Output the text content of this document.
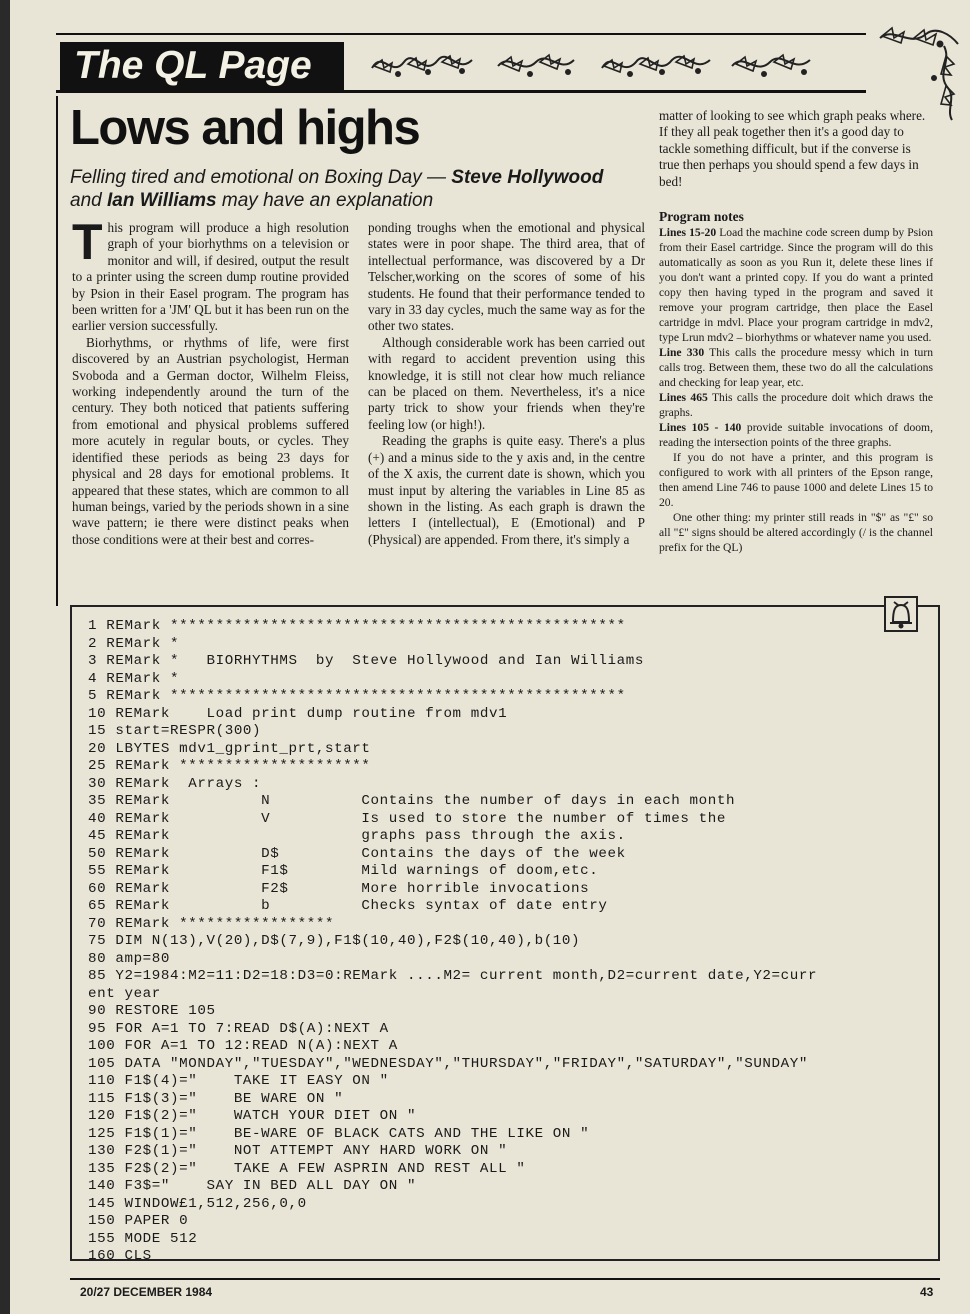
The QL Page
Lows and highs
Felling tired and emotional on Boxing Day — Steve Hollywood and Ian Williams may have an explanation

This program will produce a high resolution graph of your biorhythms on a television or monitor and will, if desired, output the result to a printer using the screen dump routine provided by Psion in their Easel program. The program has been written for a 'JM' QL but it has been run on the earlier version successfully.

Biorhythms, or rhythms of life, were first discovered by an Austrian psychologist, Herman Svoboda and a German doctor, Wilhelm Fleiss, working independently around the turn of the century. They both noticed that patients suffering from emotional and physical problems suffered more acutely in regular bouts, or cycles. They identified these periods as being 23 days for physical and 28 days for emotional problems. It appeared that these states, which are common to all human beings, varied by the periods shown in a sine wave pattern; ie there were distinct peaks when those conditions were at their best and corres-

ponding troughs when the emotional and physical states were in poor shape. The third area, that of intellectual performance, was discovered by a Dr Telscher,working on the scores of some of his students. He found that their performance tended to vary in 33 day cycles, much the same way as for the other two states.

Although considerable work has been carried out with regard to accident prevention using this knowledge, it is still not clear how much reliance can be placed on them. Nevertheless, it's a nice party trick to show your friends when they're feeling low (or high!).

Reading the graphs is quite easy. There's a plus (+) and a minus side to the y axis and, in the centre of the X axis, the current date is shown, which you must input by altering the variables in Line 85 as shown in the listing. As each graph is drawn the letters I (intellectual), E (Emotional) and P (Physical) are appended. From there, it's simply a

matter of looking to see which graph peaks where. If they all peak together then it's a good day to tackle something difficult, but if the converse is true then perhaps you should spend a few days in bed!

Program notes

Lines 15-20 Load the machine code screen dump by Psion from their Easel cartridge. Since the program will do this automatically as soon as you Run it, delete these lines if you don't want a printed copy. If you do want a printed copy then having typed in the program and saved it remove your program cartridge, then place the Easel cartridge in mdvl. Place your program cartridge in mdv2, type Lrun mdv2 – biorhythms or whatever name you used.

Line 330 This calls the procedure messy which in turn calls trog. Between them, these two do all the calculations and checking for leap year, etc.

Lines 465 This calls the procedure doit which draws the graphs.

Lines 105 - 140 provide suitable invocations of doom, reading the intersection points of the three graphs.

If you do not have a printer, and this program is configured to work with all printers of the Epson range, then amend Line 746 to pause 1000 and delete Lines 15 to 20.

One other thing: my printer still reads in "$" as "£" so all "£" signs should be altered accordingly (/ is the channel prefix for the QL)

1 REMark **************************************************
2 REMark *
3 REMark *   BIORHYTHMS  by  Steve Hollywood and Ian Williams
4 REMark *
5 REMark **************************************************
10 REMark    Load print dump routine from mdv1
15 start=RESPR(300)
20 LBYTES mdv1_gprint_prt,start
25 REMark *********************
30 REMark  Arrays :
35 REMark          N          Contains the number of days in each month
40 REMark          V          Is used to store the number of times the
45 REMark                     graphs pass through the axis.
50 REMark          D$         Contains the days of the week
55 REMark          F1$        Mild warnings of doom,etc.
60 REMark          F2$        More horrible invocations
65 REMark          b          Checks syntax of date entry
70 REMark *****************
75 DIM N(13),V(20),D$(7,9),F1$(10,40),F2$(10,40),b(10)
80 amp=80
85 Y2=1984:M2=11:D2=18:D3=0:REMark ....M2= current month,D2=current date,Y2=curr
ent year
90 RESTORE 105
95 FOR A=1 TO 7:READ D$(A):NEXT A
100 FOR A=1 TO 12:READ N(A):NEXT A
105 DATA "MONDAY","TUESDAY","WEDNESDAY","THURSDAY","FRIDAY","SATURDAY","SUNDAY"
110 F1$(4)="    TAKE IT EASY ON "
115 F1$(3)="    BE WARE ON "
120 F1$(2)="    WATCH YOUR DIET ON "
125 F1$(1)="    BE-WARE OF BLACK CATS AND THE LIKE ON "
130 F2$(1)="    NOT ATTEMPT ANY HARD WORK ON "
135 F2$(2)="    TAKE A FEW ASPRIN AND REST ALL "
140 F3$="    SAY IN BED ALL DAY ON "
145 WINDOW£1,512,256,0,0
150 PAPER 0
155 MODE 512
160 CLS
20/27 DECEMBER 1984	43
